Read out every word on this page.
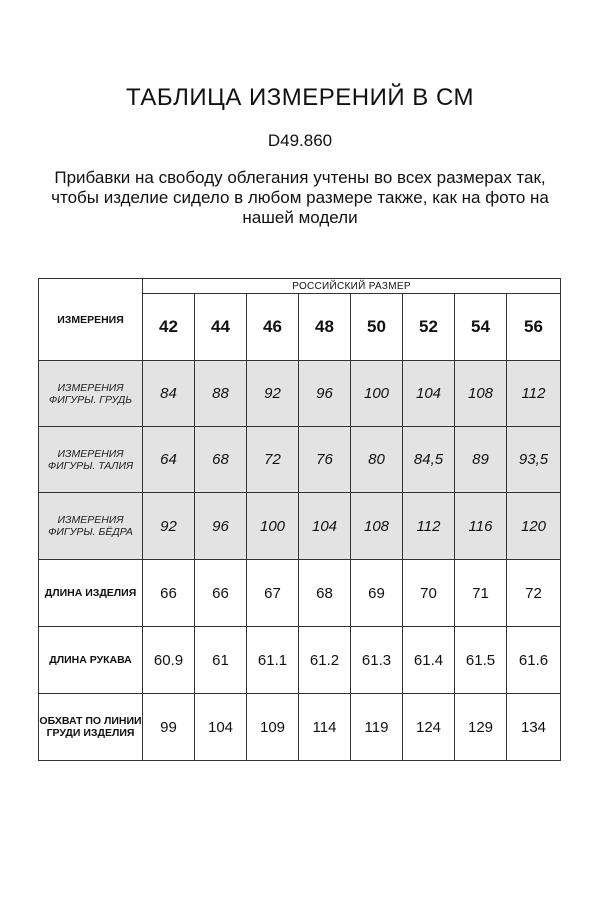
ТАБЛИЦА ИЗМЕРЕНИЙ В СМ
D49.860
Прибавки на свободу облегания учтены во всех размерах так, чтобы изделие сидело в любом размере также, как на фото на нашей модели
ИЗМЕРЕНИЯ	РОССИЙСКИЙ РАЗМЕР							
	42	44	46	48	50	52	54	56
ИЗМЕРЕНИЯ ФИГУРЫ. ГРУДЬ	84	88	92	96	100	104	108	112
ИЗМЕРЕНИЯ ФИГУРЫ. ТАЛИЯ	64	68	72	76	80	84,5	89	93,5
ИЗМЕРЕНИЯ ФИГУРЫ. БЁДРА	92	96	100	104	108	112	116	120
ДЛИНА ИЗДЕЛИЯ	66	66	67	68	69	70	71	72
ДЛИНА РУКАВА	60.9	61	61.1	61.2	61.3	61.4	61.5	61.6
ОБХВАТ ПО ЛИНИИ ГРУДИ ИЗДЕЛИЯ	99	104	109	114	119	124	129	134
